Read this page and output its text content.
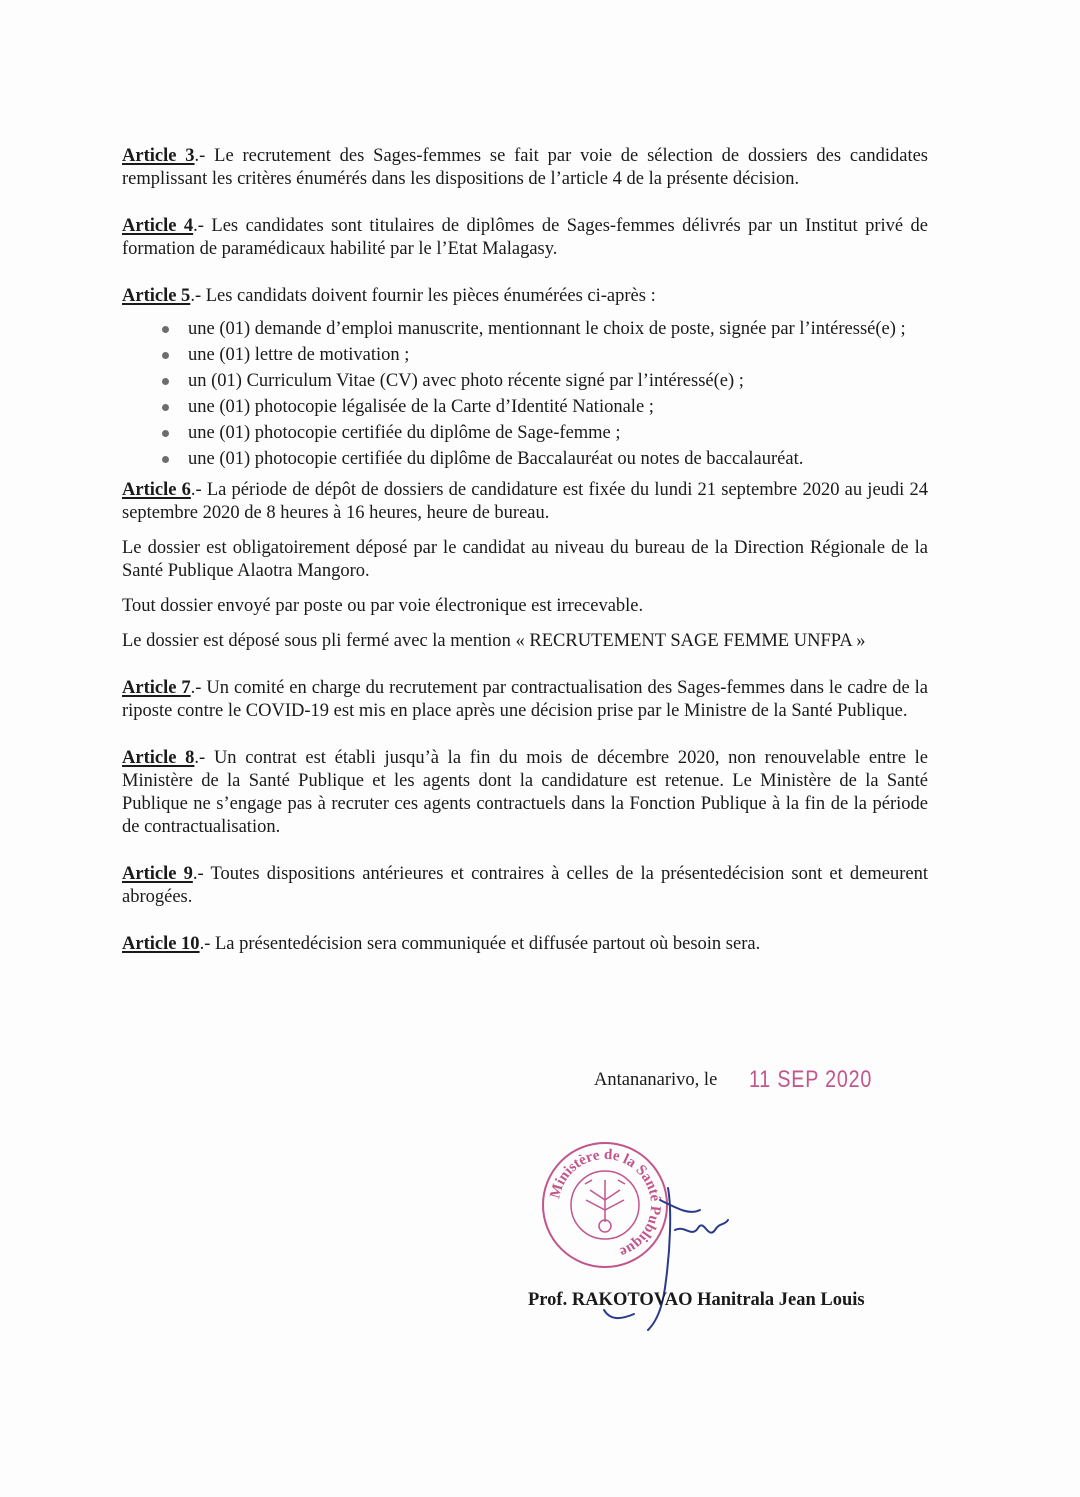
Article 3.- Le recrutement des Sages-femmes se fait par voie de sélection de dossiers des candidates remplissant les critères énumérés dans les dispositions de l’article 4 de la présente décision.

Article 4.- Les candidates sont titulaires de diplômes de Sages-femmes délivrés par un Institut privé de formation de paramédicaux habilité par le l’Etat Malagasy.

Article 5.- Les candidats doivent fournir les pièces énumérées ci-après :

une (01) demande d’emploi manuscrite, mentionnant le choix de poste, signée par l’intéressé(e) ;
une (01) lettre de motivation ;
un (01) Curriculum Vitae (CV) avec photo récente signé par l’intéressé(e) ;
une (01) photocopie légalisée de la Carte d’Identité Nationale ;
une (01) photocopie certifiée du diplôme de Sage-femme ;
une (01) photocopie certifiée du diplôme de Baccalauréat ou notes de baccalauréat.

Article 6.- La période de dépôt de dossiers de candidature est fixée du lundi 21 septembre 2020 au jeudi 24 septembre 2020 de 8 heures à 16 heures, heure de bureau.

Le dossier est obligatoirement déposé par le candidat au niveau du bureau de la Direction Régionale de la Santé Publique Alaotra Mangoro.

Tout dossier envoyé par poste ou par voie électronique est irrecevable.

Le dossier est déposé sous pli fermé avec la mention « RECRUTEMENT SAGE FEMME UNFPA »

Article 7.- Un comité en charge du recrutement par contractualisation des Sages-femmes dans le cadre de la riposte contre le COVID-19 est mis en place après une décision prise par le Ministre de la Santé Publique.

Article 8.- Un contrat est établi jusqu’à la fin du mois de décembre 2020, non renouvelable entre le Ministère de la Santé Publique et les agents dont la candidature est retenue. Le Ministère de la Santé Publique ne s’engage pas à recruter ces agents contractuels dans la Fonction Publique à la fin de la période de contractualisation.

Article 9.- Toutes dispositions antérieures et contraires à celles de la présentedécision sont et demeurent abrogées.

Article 10.- La présentedécision sera communiquée et diffusée partout où besoin sera.

Antananarivo, le 11 SEP 2020
Ministère de la Santé Publique
Prof. RAKOTOVAO Hanitrala Jean Louis
